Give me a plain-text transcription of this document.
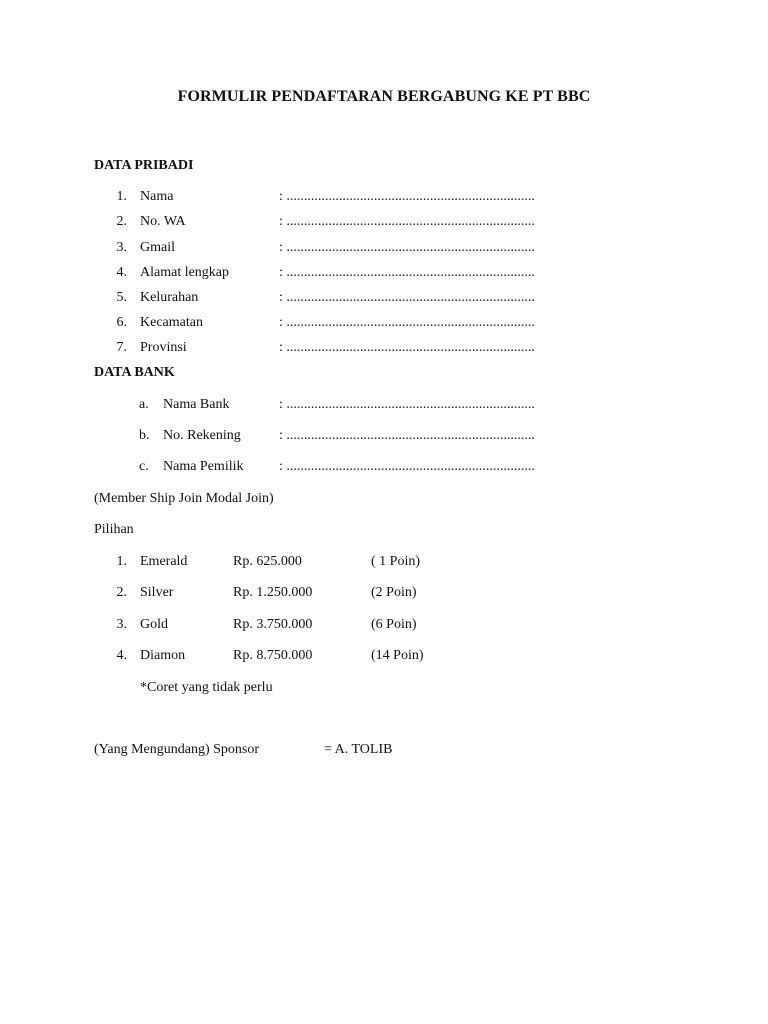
FORMULIR PENDAFTARAN BERGABUNG KE PT BBC
DATA PRIBADI
1. Nama	: .......................................................................
2. No. WA	: .......................................................................
3. Gmail	: .......................................................................
4. Alamat lengkap	: .......................................................................
5. Kelurahan	: .......................................................................
6. Kecamatan	: .......................................................................
7. Provinsi	: .......................................................................
DATA BANK
a. Nama Bank	: .......................................................................
b. No. Rekening	: .......................................................................
c. Nama Pemilik	: .......................................................................
(Member Ship Join Modal Join)
Pilihan
1. Emerald	Rp. 625.000	( 1 Poin)
2. Silver	Rp. 1.250.000	(2 Poin)
3. Gold	Rp. 3.750.000	(6 Poin)
4. Diamon	Rp. 8.750.000	(14 Poin)
*Coret yang tidak perlu
(Yang Mengundang) Sponsor	= A. TOLIB
